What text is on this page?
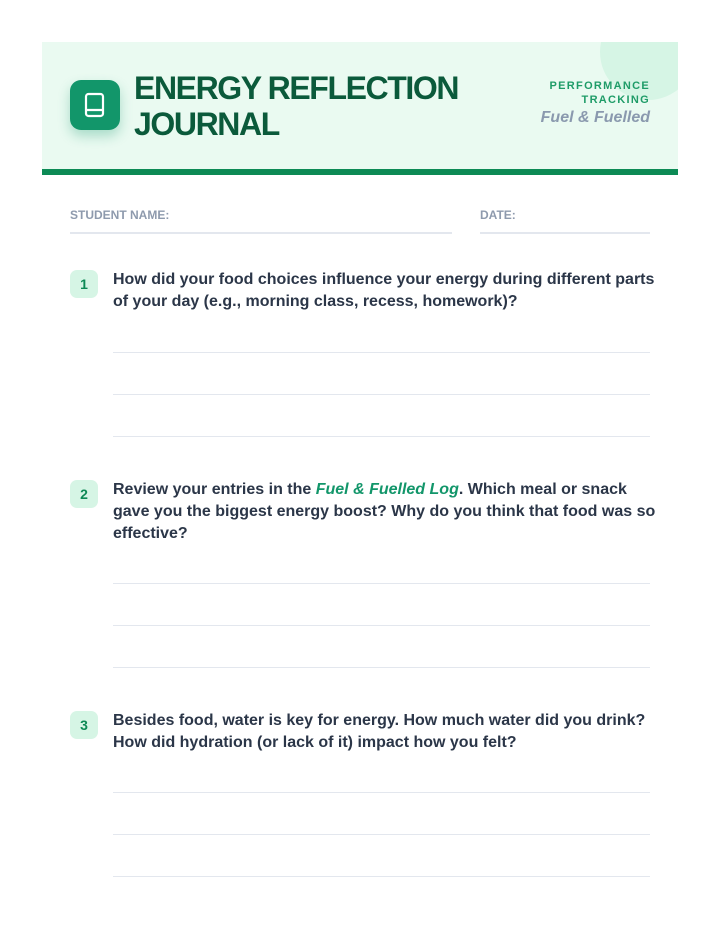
ENERGY REFLECTION JOURNAL
PERFORMANCE TRACKING
Fuel & Fuelled
STUDENT NAME:	DATE:
1	How did your food choices influence your energy during different parts of your day (e.g., morning class, recess, homework)?
2	Review your entries in the Fuel & Fuelled Log. Which meal or snack gave you the biggest energy boost? Why do you think that food was so effective?
3	Besides food, water is key for energy. How much water did you drink? How did hydration (or lack of it) impact how you felt?
